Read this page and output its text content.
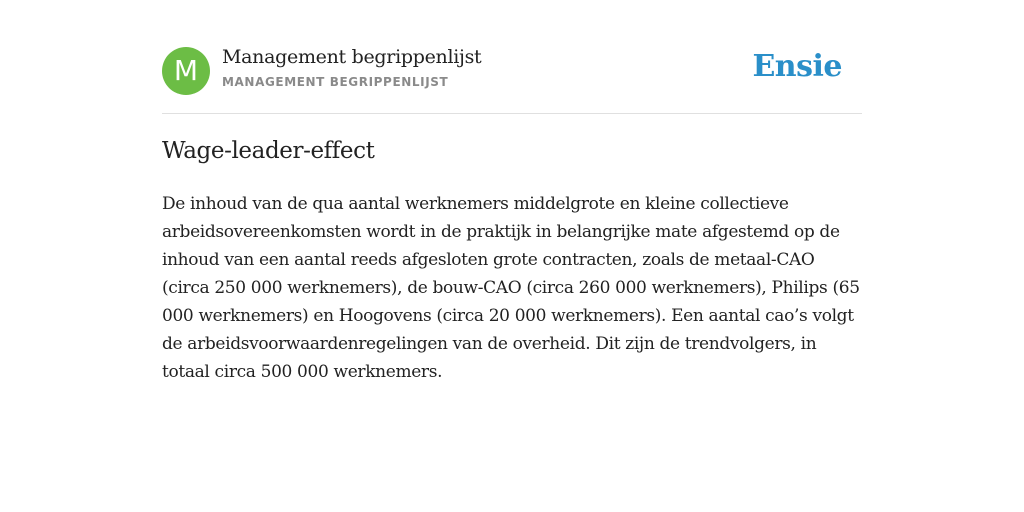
M	Management begrippenlijst
MANAGEMENT BEGRIPPENLIJST	Ensie
Wage-leader-effect

De inhoud van de qua aantal werknemers middelgrote en kleine collectieve arbeidsovereenkomsten wordt in de praktijk in belangrijke mate afgestemd op de inhoud van een aantal reeds afgesloten grote contracten, zoals de metaal-CAO (circa 250 000 werknemers), de bouw-CAO (circa 260 000 werknemers), Philips (65 000 werknemers) en Hoogovens (circa 20 000 werknemers). Een aantal cao’s volgt de arbeidsvoorwaardenregelingen van de overheid. Dit zijn de trendvolgers, in totaal circa 500 000 werknemers.
